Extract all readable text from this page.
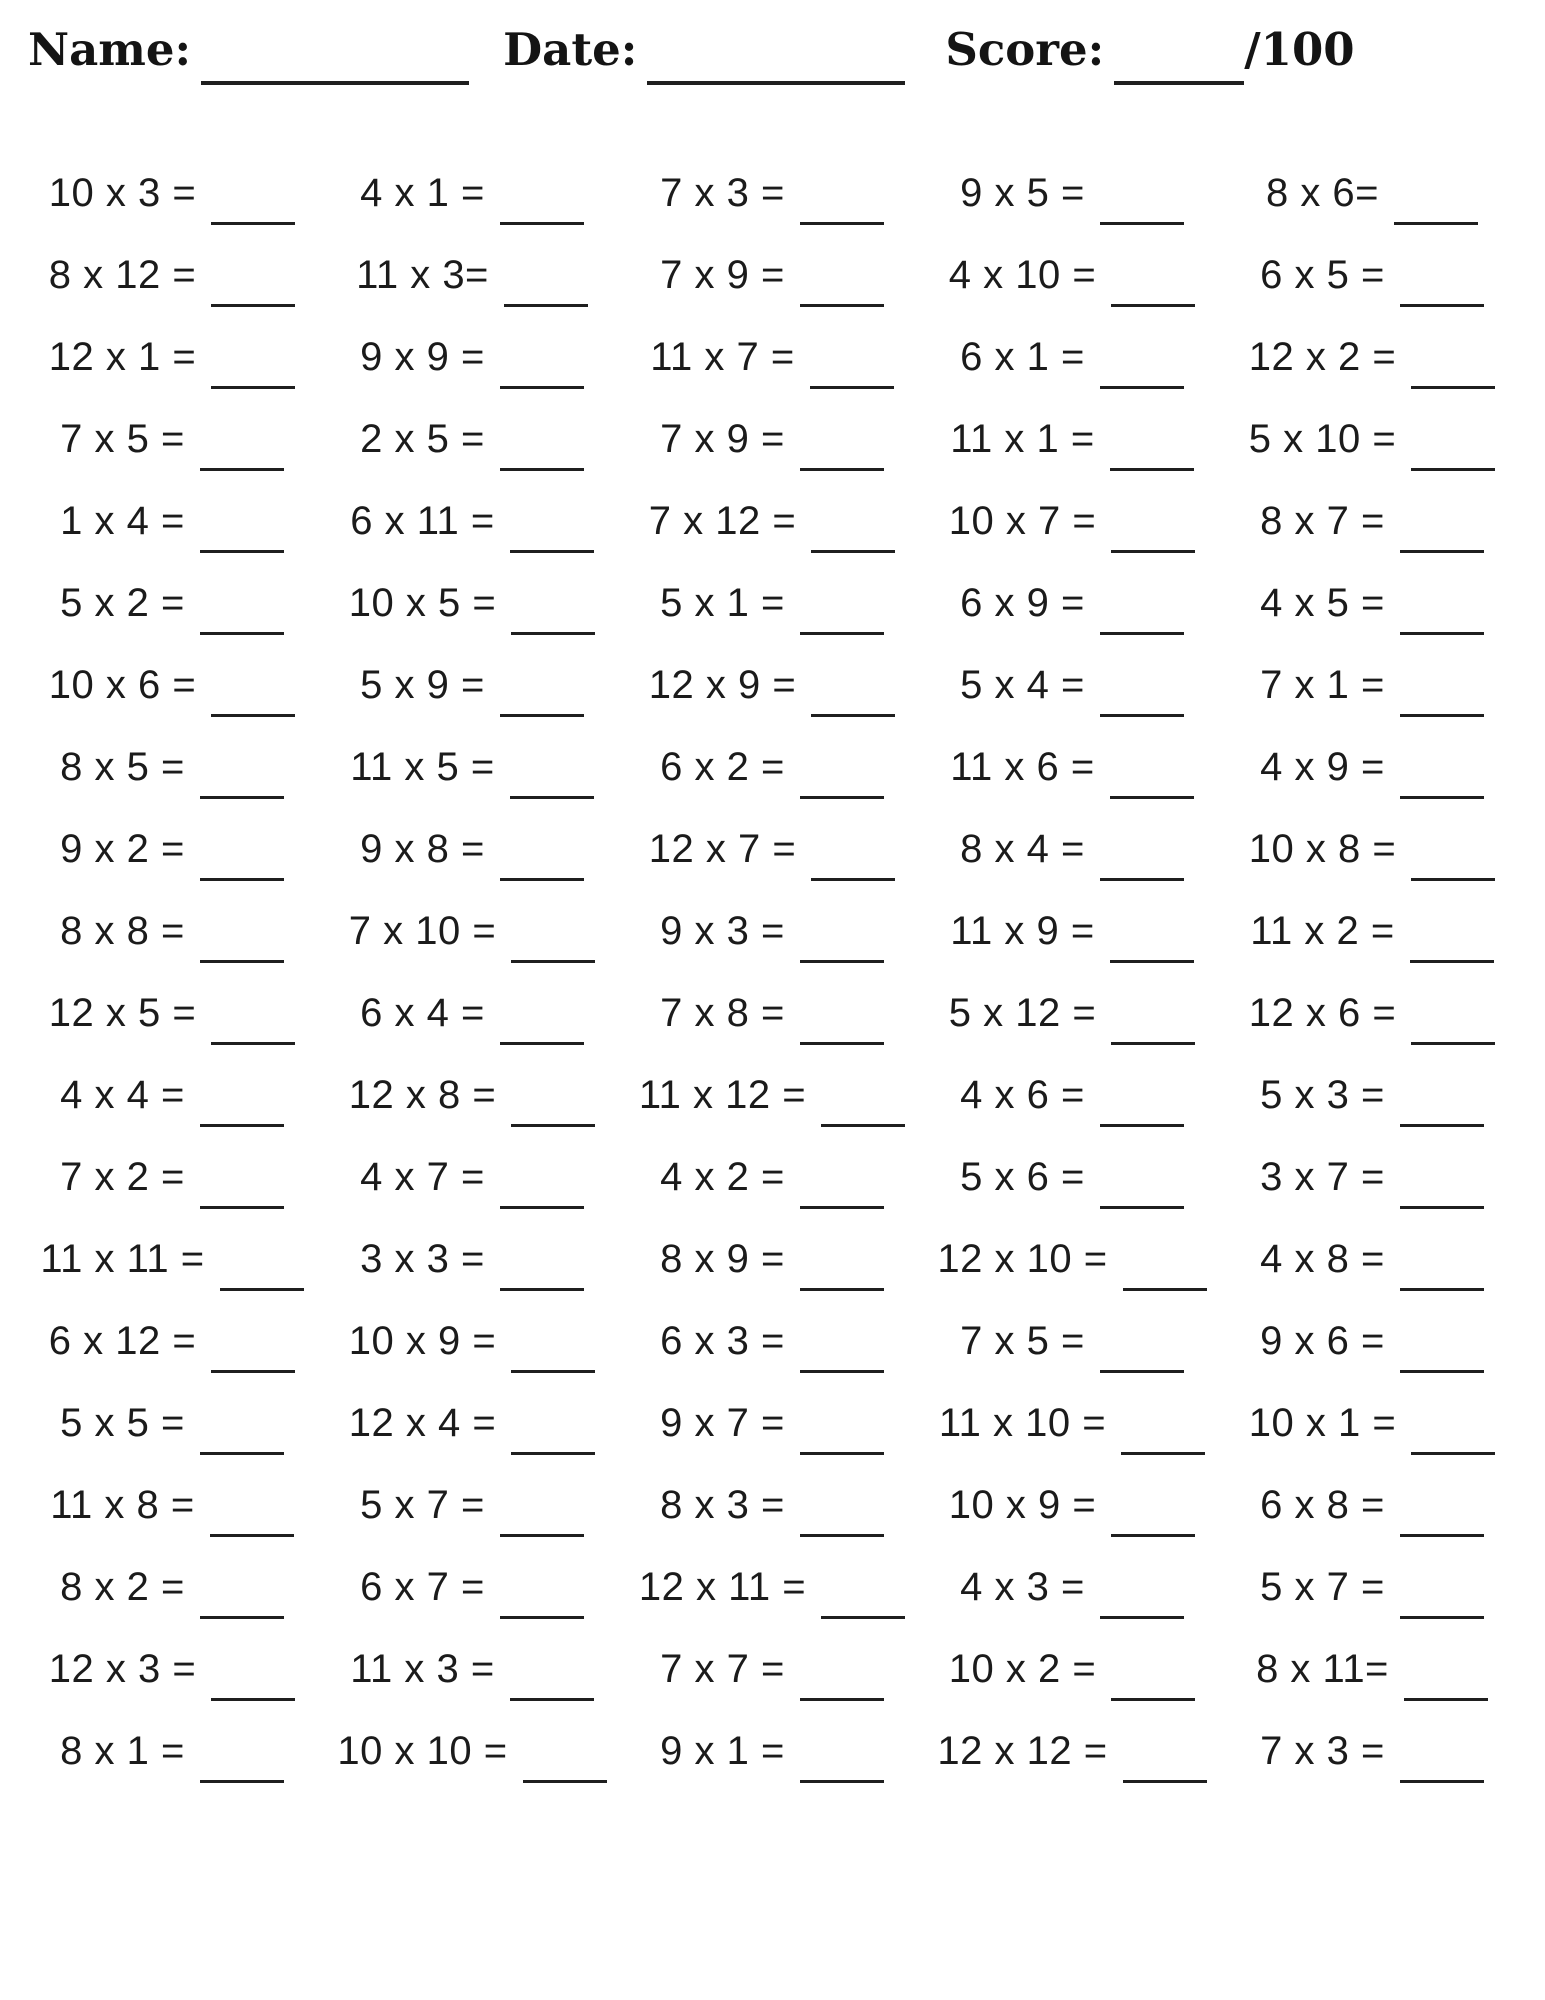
Name:	Date:	Score:	/100
10 x 3 =	4 x 1 =	7 x 3 =	9 x 5 =	8 x 6=
8 x 12 =	11 x 3=	7 x 9 =	4 x 10 =	6 x 5 =
12 x 1 =	9 x 9 =	11 x 7 =	6 x 1 =	12 x 2 =
7 x 5 =	2 x 5 =	7 x 9 =	11 x 1 =	5 x 10 =
1 x 4 =	6 x 11 =	7 x 12 =	10 x 7 =	8 x 7 =
5 x 2 =	10 x 5 =	5 x 1 =	6 x 9 =	4 x 5 =
10 x 6 =	5 x 9 =	12 x 9 =	5 x 4 =	7 x 1 =
8 x 5 =	11 x 5 =	6 x 2 =	11 x 6 =	4 x 9 =
9 x 2 =	9 x 8 =	12 x 7 =	8 x 4 =	10 x 8 =
8 x 8 =	7 x 10 =	9 x 3 =	11 x 9 =	11 x 2 =
12 x 5 =	6 x 4 =	7 x 8 =	5 x 12 =	12 x 6 =
4 x 4 =	12 x 8 =	11 x 12 =	4 x 6 =	5 x 3 =
7 x 2 =	4 x 7 =	4 x 2 =	5 x 6 =	3 x 7 =
11 x 11 =	3 x 3 =	8 x 9 =	12 x 10 =	4 x 8 =
6 x 12 =	10 x 9 =	6 x 3 =	7 x 5 =	9 x 6 =
5 x 5 =	12 x 4 =	9 x 7 =	11 x 10 =	10 x 1 =
11 x 8 =	5 x 7 =	8 x 3 =	10 x 9 =	6 x 8 =
8 x 2 =	6 x 7 =	12 x 11 =	4 x 3 =	5 x 7 =
12 x 3 =	11 x 3 =	7 x 7 =	10 x 2 =	8 x 11=
8 x 1 =	10 x 10 =	9 x 1 =	12 x 12 =	7 x 3 =
